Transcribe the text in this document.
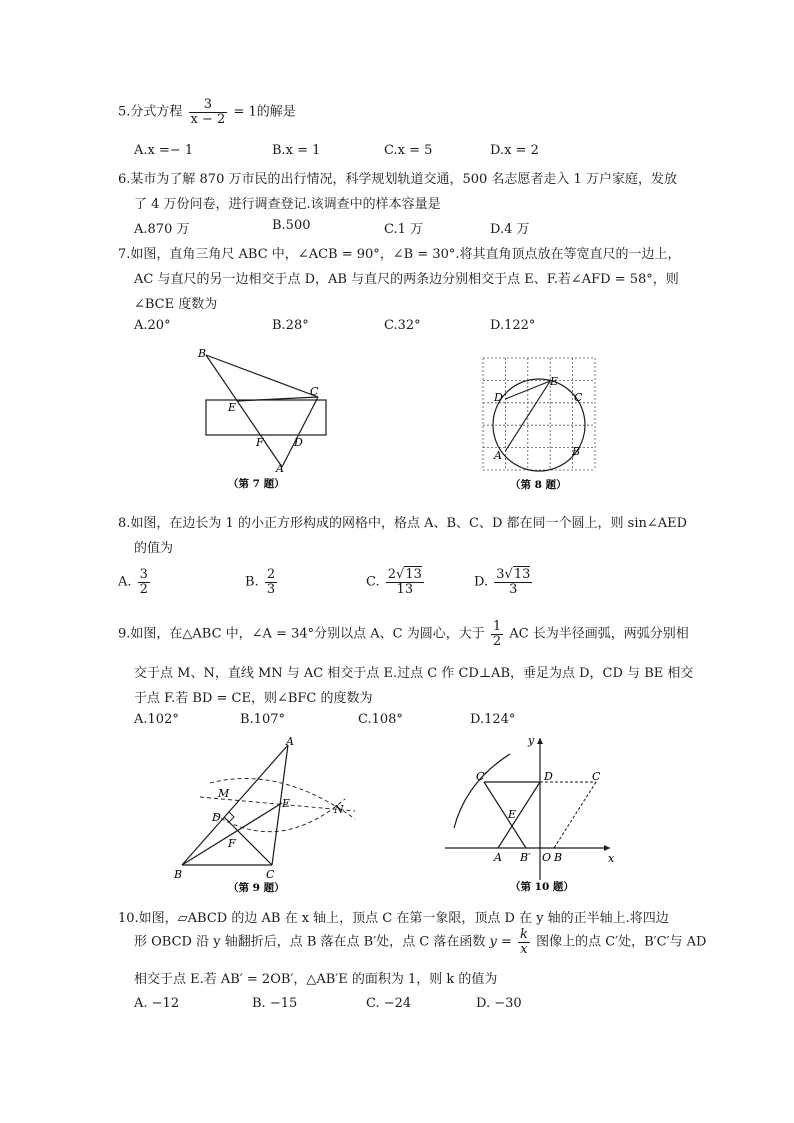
5.分式方程 $\frac{3}{x - 2} = 1$的解是
A.x =− 1	B.x = 1	C.x = 5	D.x = 2
6.某市为了解 870 万市民的出行情况，科学规划轨道交通，500 名志愿者走入 1 万户家庭，发放
了 4 万份问卷，进行调查登记.该调查中的样本容量是
A.870 万	B.500	C.1 万	D.4 万
7.如图，直角三角尺 ABC 中，∠ACB = 90°，∠B = 30°.将其直角顶点放在等宽直尺的一边上，
AC 与直尺的另一边相交于点 D，AB 与直尺的两条边分别相交于点 E、F.若∠AFD = 58°，则
∠BCE 度数为
A.20°	B.28°	C.32°	D.122°
B
C
E
F	D
A
（第 7 题）
D
E
C
A	B
（第 8 题）
8.如图，在边长为 1 的小正方形构成的网格中，格点 A、B、C、D 都在同一个圆上，则 sin∠AED
的值为
A. $\frac{3}{2}$	B. $\frac{2}{3}$	C. $\frac{2√13}{13}$	D. $\frac{3√13}{3}$
9.如图，在△ABC 中，∠A = 34°分别以点 A、C 为圆心，大于 $\frac{1}{2}$ AC 长为半径画弧，两弧分别相
交于点 M、N，直线 MN 与 AC 相交于点 E.过点 C 作 CD⊥AB，垂足为点 D，CD 与 BE 相交
于点 F.若 BD = CE，则∠BFC 的度数为
A.102°	B.107°	C.108°	D.124°
A
M
E	N
D
F
B	C
（第 9 题）
y
x
C′	D	C
E
A B′ O B
（第 10 题）
10.如图，▱ABCD 的边 AB 在 x 轴上，顶点 C 在第一象限，顶点 D 在 y 轴的正半轴上.将四边
形 OBCD 沿 y 轴翻折后，点 B 落在点 B′处，点 C 落在函数 $y = \frac{k}{x}$ 图像上的点 C′处，B′C′与 AD
相交于点 E.若 AB′ = 2OB′，△AB′E 的面积为 1，则 k 的值为
A. −12	B. −15	C. −24	D. −30
